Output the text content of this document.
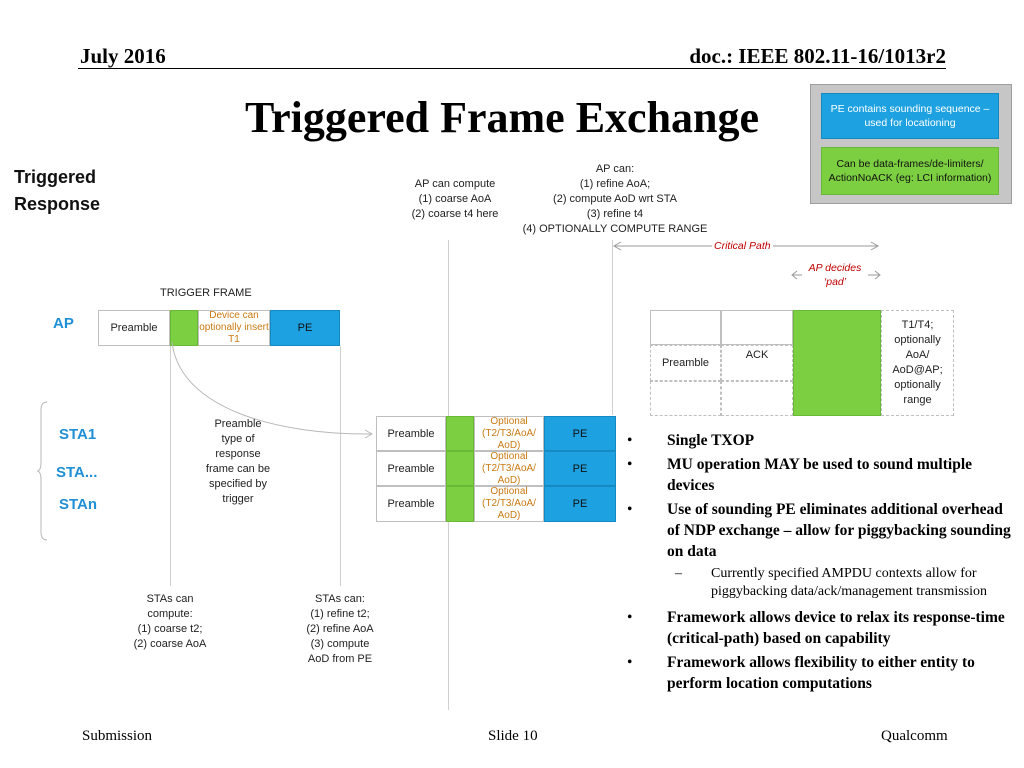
July 2016	doc.: IEEE 802.11-16/1013r2
Triggered Frame Exchange	PE contains sounding sequence – used for locationing
Can be data-frames/de-limiters/ ActionNoACK (eg: LCI information)
Triggered
Response
AP can compute
(1) coarse AoA
(2) coarse t4 here
AP can:
(1) refine AoA;
(2) compute AoD wrt STA
(3) refine t4
(4) OPTIONALLY COMPUTE RANGE
Critical Path
AP decides
‘pad’
TRIGGER FRAME
AP	Preamble
Device can optionally insert T1
PE
Preamble
type of
response
frame can be
specified by
trigger
STA1
STA...
STAn
Preamble
Optional (T2/T3/AoA/ AoD)
PE
Preamble
Optional (T2/T3/AoA/ AoD)
PE
Preamble
Optional (T2/T3/AoA/ AoD)
PE
Preamble
ACK
T1/T4; optionally AoA/ AoD@AP; optionally range
• Single TXOP
• MU operation MAY be used to sound multiple devices
• Use of sounding PE eliminates additional overhead of NDP exchange – allow for piggybacking sounding on data
– Currently specified AMPDU contexts allow for piggybacking data/ack/management transmission
• Framework allows device to relax its response-time (critical-path) based on capability
• Framework allows flexibility to either entity to perform location computations
STAs can
compute:
(1) coarse t2;
(2) coarse AoA
STAs can:
(1) refine t2;
(2) refine AoA
(3) compute
AoD from PE
Submission	Slide 10	Qualcomm
